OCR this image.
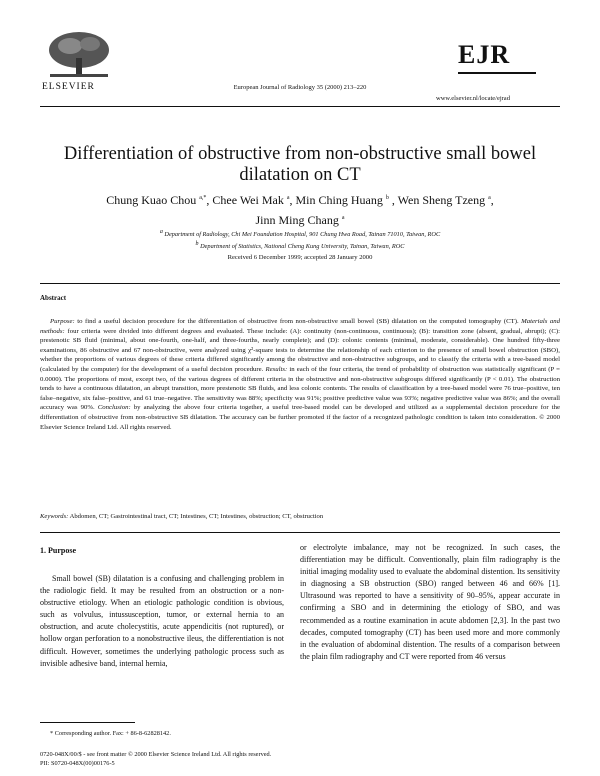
ELSEVIER	European Journal of Radiology 35 (2000) 213–220
EJR
www.elsevier.nl/locate/ejrad
Differentiation of obstructive from non-obstructive small bowel
dilatation on CT
Chung Kuao Chou $^{a,*}$, Chee Wei Mak $^a$, Min Ching Huang $^b$ , Wen Sheng Tzeng $^a$,
Jinn Ming Chang $^a$
$^a$ Department of Radiology, Chi Mei Foundation Hospital, 901 Chung Hwa Road, Tainan 71010, Taiwan, ROC
$^b$ Department of Statistics, National Cheng Kung University, Tainan, Taiwan, ROC
Received 6 December 1999; accepted 28 January 2000
Abstract
Purpose: to find a useful decision procedure for the differentiation of obstructive from non-obstructive small bowel (SB) dilatation on the computed tomography (CT). Materials and methods: four criteria were divided into different degrees and evaluated. These include: (A): continuity (non-continuous, continuous); (B): transition zone (absent, gradual, abrupt); (C): prestenotic SB fluid (minimal, about one-fourth, one-half, and three-fourths, nearly complete); and (D): colonic contents (minimal, moderate, considerable). One hundred fifty-three examinations, 86 obstructive and 67 non-obstructive, were analyzed using χ²-square tests to determine the relationship of each criterion to the presence of small bowel obstruction (SBO), whether the proportions of various degrees of these criteria differed significantly among the obstructive and non-obstructive subgroups, and to classify the criteria with a tree-based model (calculated by the computer) for the development of a useful decision procedure. Results: in each of the four criteria, the trend of probability of obstruction was statistically significant (P = 0.0000). The proportions of most, except two, of the various degrees of different criteria in the obstructive and non-obstructive subgroups differed significantly (P < 0.01). The obstruction tends to have a continuous dilatation, an abrupt transition, more prestenotic SB fluids, and less colonic contents. The results of classification by a tree-based model were 76 true–positive, ten false–negative, six false–positive, and 61 true–negative. The sensitivity was 88%; specificity was 91%; positive predictive value was 93%; negative predictive value was 86%; and the overall accuracy was 90%. Conclusion: by analyzing the above four criteria together, a useful tree-based model can be developed and utilized as a supplemental decision procedure for the differentiation of obstructive from non-obstructive SB dilatation. The accuracy can be further promoted if the factor of a recognized pathologic condition is taken into consideration. © 2000 Elsevier Science Ireland Ltd. All rights reserved.
Keywords: Abdomen, CT; Gastrointestinal tract, CT; Intestines, CT; Intestines, obstruction; CT, obstruction
1. Purpose
Small bowel (SB) dilatation is a confusing and challenging problem in the radiologic field. It may be resulted from an obstruction or a non-obstructive etiology. When an etiologic pathologic condition is obvious, such as volvulus, intussusception, tumor, or external hernia to an obstruction, and acute cholecystitis, acute appendicitis (not ruptured), or hollow organ perforation to a nonobstructive ileus, the differentiation is not difficult. However, sometimes the underlying pathologic process such as invisible adhesive band, internal hernia,
or electrolyte imbalance, may not be recognized. In such cases, the differentiation may be difficult. Conventionally, plain film radiography is the initial imaging modality used to evaluate the abdominal distention. Its sensitivity in diagnosing a SB obstruction (SBO) ranged between 46 and 66% [1]. Ultrasound was reported to have a sensitivity of 90–95%, appear accurate in confirming a SBO and in determining the etiology of SBO, and was recommended as a routine examination in acute abdomen [2,3]. In the past two decades, computed tomography (CT) has been used more and more commonly in the evaluation of abdominal distention. The results of a comparison between the plain film radiography and CT were reported from 46 versus
* Corresponding author. Fax: + 86-8-62828142.
0720-048X/00/$ - see front matter © 2000 Elsevier Science Ireland Ltd. All rights reserved.
PII: S0720-048X(00)00176-5
